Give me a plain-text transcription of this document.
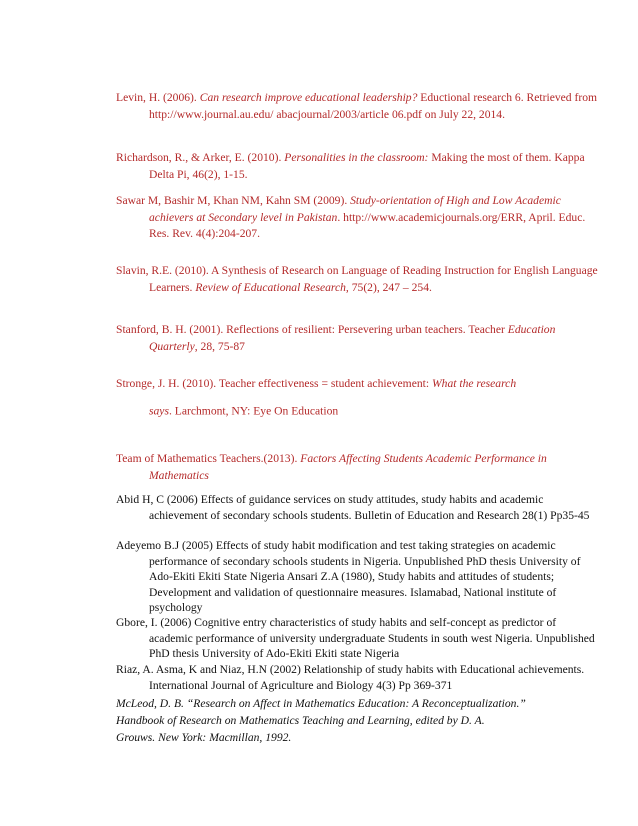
Levin, H. (2006). Can research improve educational leadership? Eductional research 6. Retrieved from http://www.journal.au.edu/ abacjournal/2003/article 06.pdf on July 22, 2014.

Richardson, R., & Arker, E. (2010). Personalities in the classroom: Making the most of them. Kappa Delta Pi, 46(2), 1-15.

Sawar M, Bashir M, Khan NM, Kahn SM (2009). Study-orientation of High and Low Academic achievers at Secondary level in Pakistan. http://www.academicjournals.org/ERR, April. Educ. Res. Rev. 4(4):204-207.

Slavin, R.E. (2010). A Synthesis of Research on Language of Reading Instruction for English Language Learners. Review of Educational Research, 75(2), 247 – 254.

Stanford, B. H. (2001). Reflections of resilient: Persevering urban teachers. Teacher Education Quarterly, 28, 75-87

Stronge, J. H. (2010). Teacher effectiveness = student achievement: What the research
says. Larchmont, NY: Eye On Education

Team of Mathematics Teachers.(2013). Factors Affecting Students Academic Performance in Mathematics

Abid H, C (2006) Effects of guidance services on study attitudes, study habits and academic achievement of secondary schools students. Bulletin of Education and Research 28(1) Pp35-45

Adeyemo B.J (2005) Effects of study habit modification and test taking strategies on academic performance of secondary schools students in Nigeria. Unpublished PhD thesis University of Ado-Ekiti Ekiti State Nigeria Ansari Z.A (1980), Study habits and attitudes of students; Development and validation of questionnaire measures. Islamabad, National institute of psychology

Gbore, I. (2006) Cognitive entry characteristics of study habits and self-concept as predictor of academic performance of university undergraduate Students in south west Nigeria. Unpublished PhD thesis University of Ado-Ekiti Ekiti state Nigeria

Riaz, A. Asma, K and Niaz, H.N (2002) Relationship of study habits with Educational achievements. International Journal of Agriculture and Biology 4(3) Pp 369-371

McLeod, D. B. “Research on Affect in Mathematics Education: A Reconceptualization.”
Handbook of Research on Mathematics Teaching and Learning, edited by D. A.
Grouws. New York: Macmillan, 1992.
